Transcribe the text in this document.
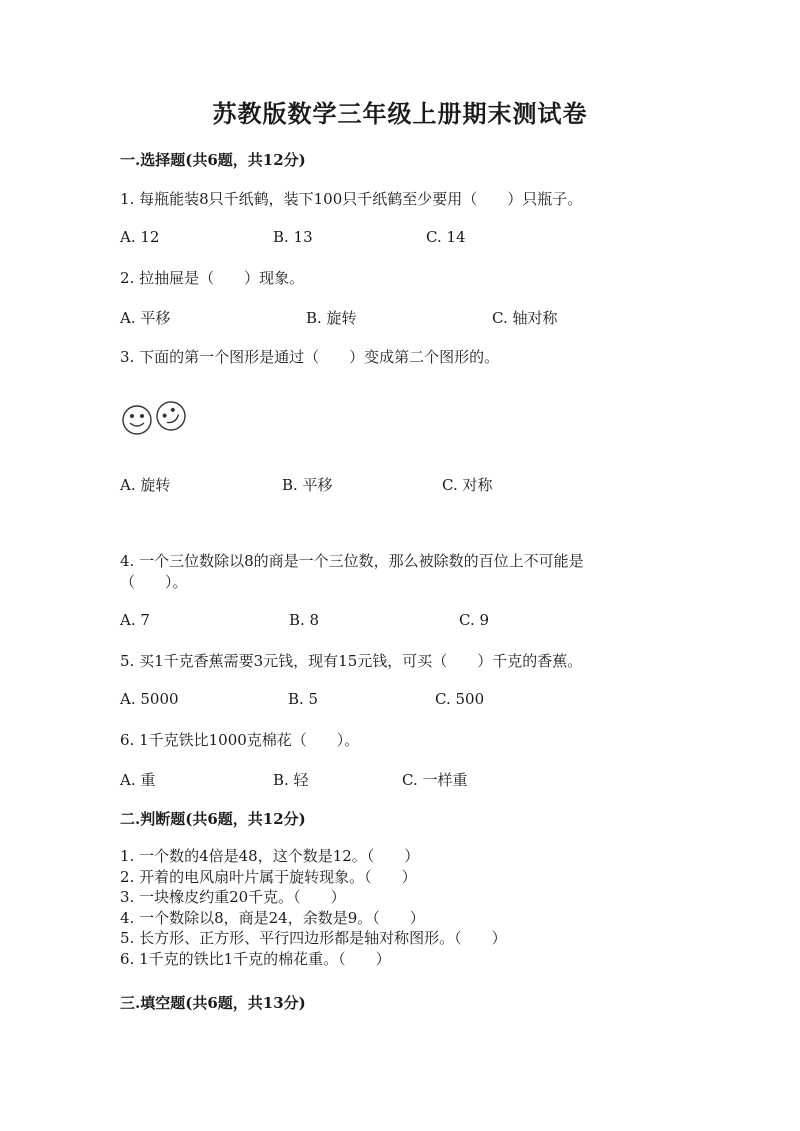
苏教版数学三年级上册期末测试卷
一.选择题(共6题，共12分)
1. 每瓶能装8只千纸鹤，装下100只千纸鹤至少要用（　　）只瓶子。
A. 12	B. 13	C. 14
2. 拉抽屉是（　　）现象。
A. 平移	B. 旋转	C. 轴对称
3. 下面的第一个图形是通过（　　）变成第二个图形的。
A. 旋转	B. 平移	C. 对称
4. 一个三位数除以8的商是一个三位数，那么被除数的百位上不可能是
（　　）。
A. 7	B. 8	C. 9
5. 买1千克香蕉需要3元钱，现有15元钱，可买（　　）千克的香蕉。
A. 5000	B. 5	C. 500
6. 1千克铁比1000克棉花（　　）。
A. 重	B. 轻	C. 一样重
二.判断题(共6题，共12分)
1. 一个数的4倍是48，这个数是12。（　　）
2. 开着的电风扇叶片属于旋转现象。（　　）
3. 一块橡皮约重20千克。（　　）
4. 一个数除以8，商是24，余数是9。（　　）
5. 长方形、正方形、平行四边形都是轴对称图形。（　　）
6. 1千克的铁比1千克的棉花重。（　　）
三.填空题(共6题，共13分)
